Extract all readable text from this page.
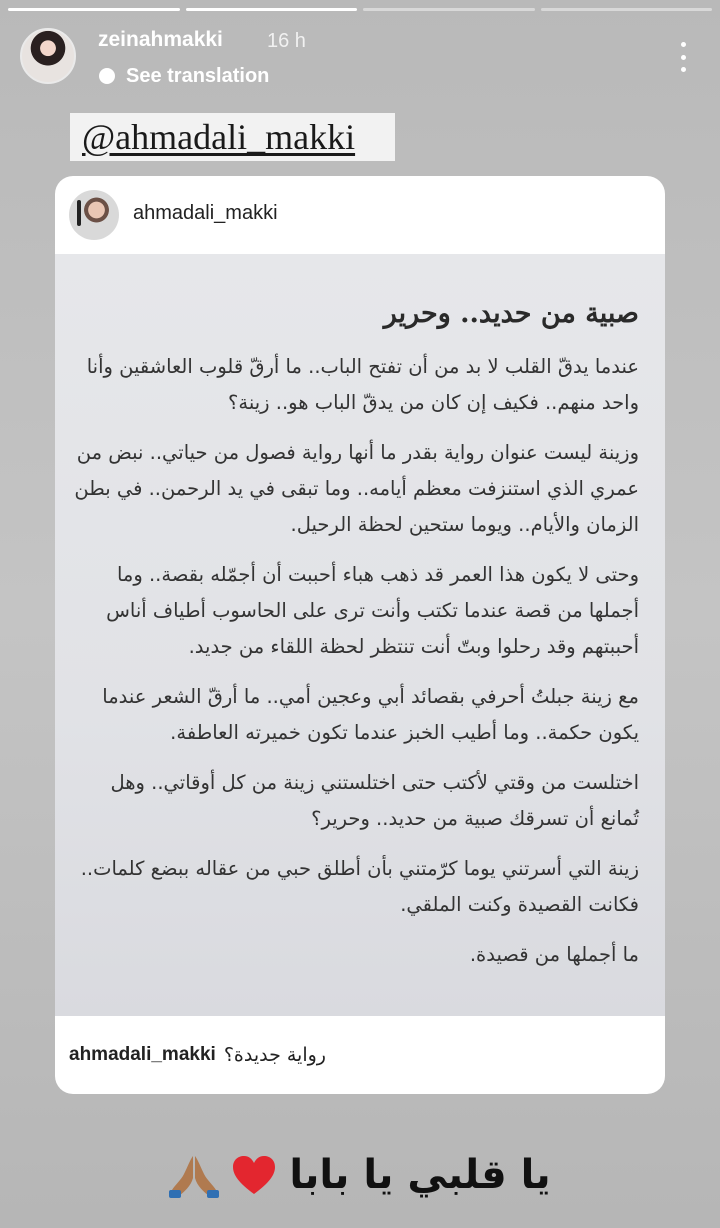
zeinahmakki 16 h
See translation
@ahmadali_makki
ahmadali_makki
صبية من حديد.. وحرير

عندما يدقّ القلب لا بد من أن تفتح الباب.. ما أرقّ قلوب العاشقين وأنا واحد منهم.. فكيف إن كان من يدقّ الباب هو.. زينة؟

وزينة ليست عنوان رواية بقدر ما أنها رواية فصول من حياتي.. نبض من عمري الذي استنزفت معظم أيامه.. وما تبقى في يد الرحمن.. في بطن الزمان والأيام.. ويوما ستحين لحظة الرحيل.

وحتى لا يكون هذا العمر قد ذهب هباء أحببت أن أجمّله بقصة.. وما أجملها من قصة عندما تكتب وأنت ترى على الحاسوب أطياف أناس أحببتهم وقد رحلوا وبتّ أنت تنتظر لحظة اللقاء من جديد.

مع زينة جبلتُ أحرفي بقصائد أبي وعجين أمي.. ما أرقّ الشعر عندما يكون حكمة.. وما أطيب الخبز عندما تكون خميرته العاطفة.

اختلست من وقتي لأكتب حتى اختلستني زينة من كل أوقاتي.. وهل تُمانع أن تسرقك صبية من حديد.. وحرير؟

زينة التي أسرتني يوما كرّمتني بأن أطلق حبي من عقاله ببضع كلمات.. فكانت القصيدة وكنت الملقي.

ما أجملها من قصيدة.

ahmadali_makki رواية جديدة؟
يا قلبي يا بابا
